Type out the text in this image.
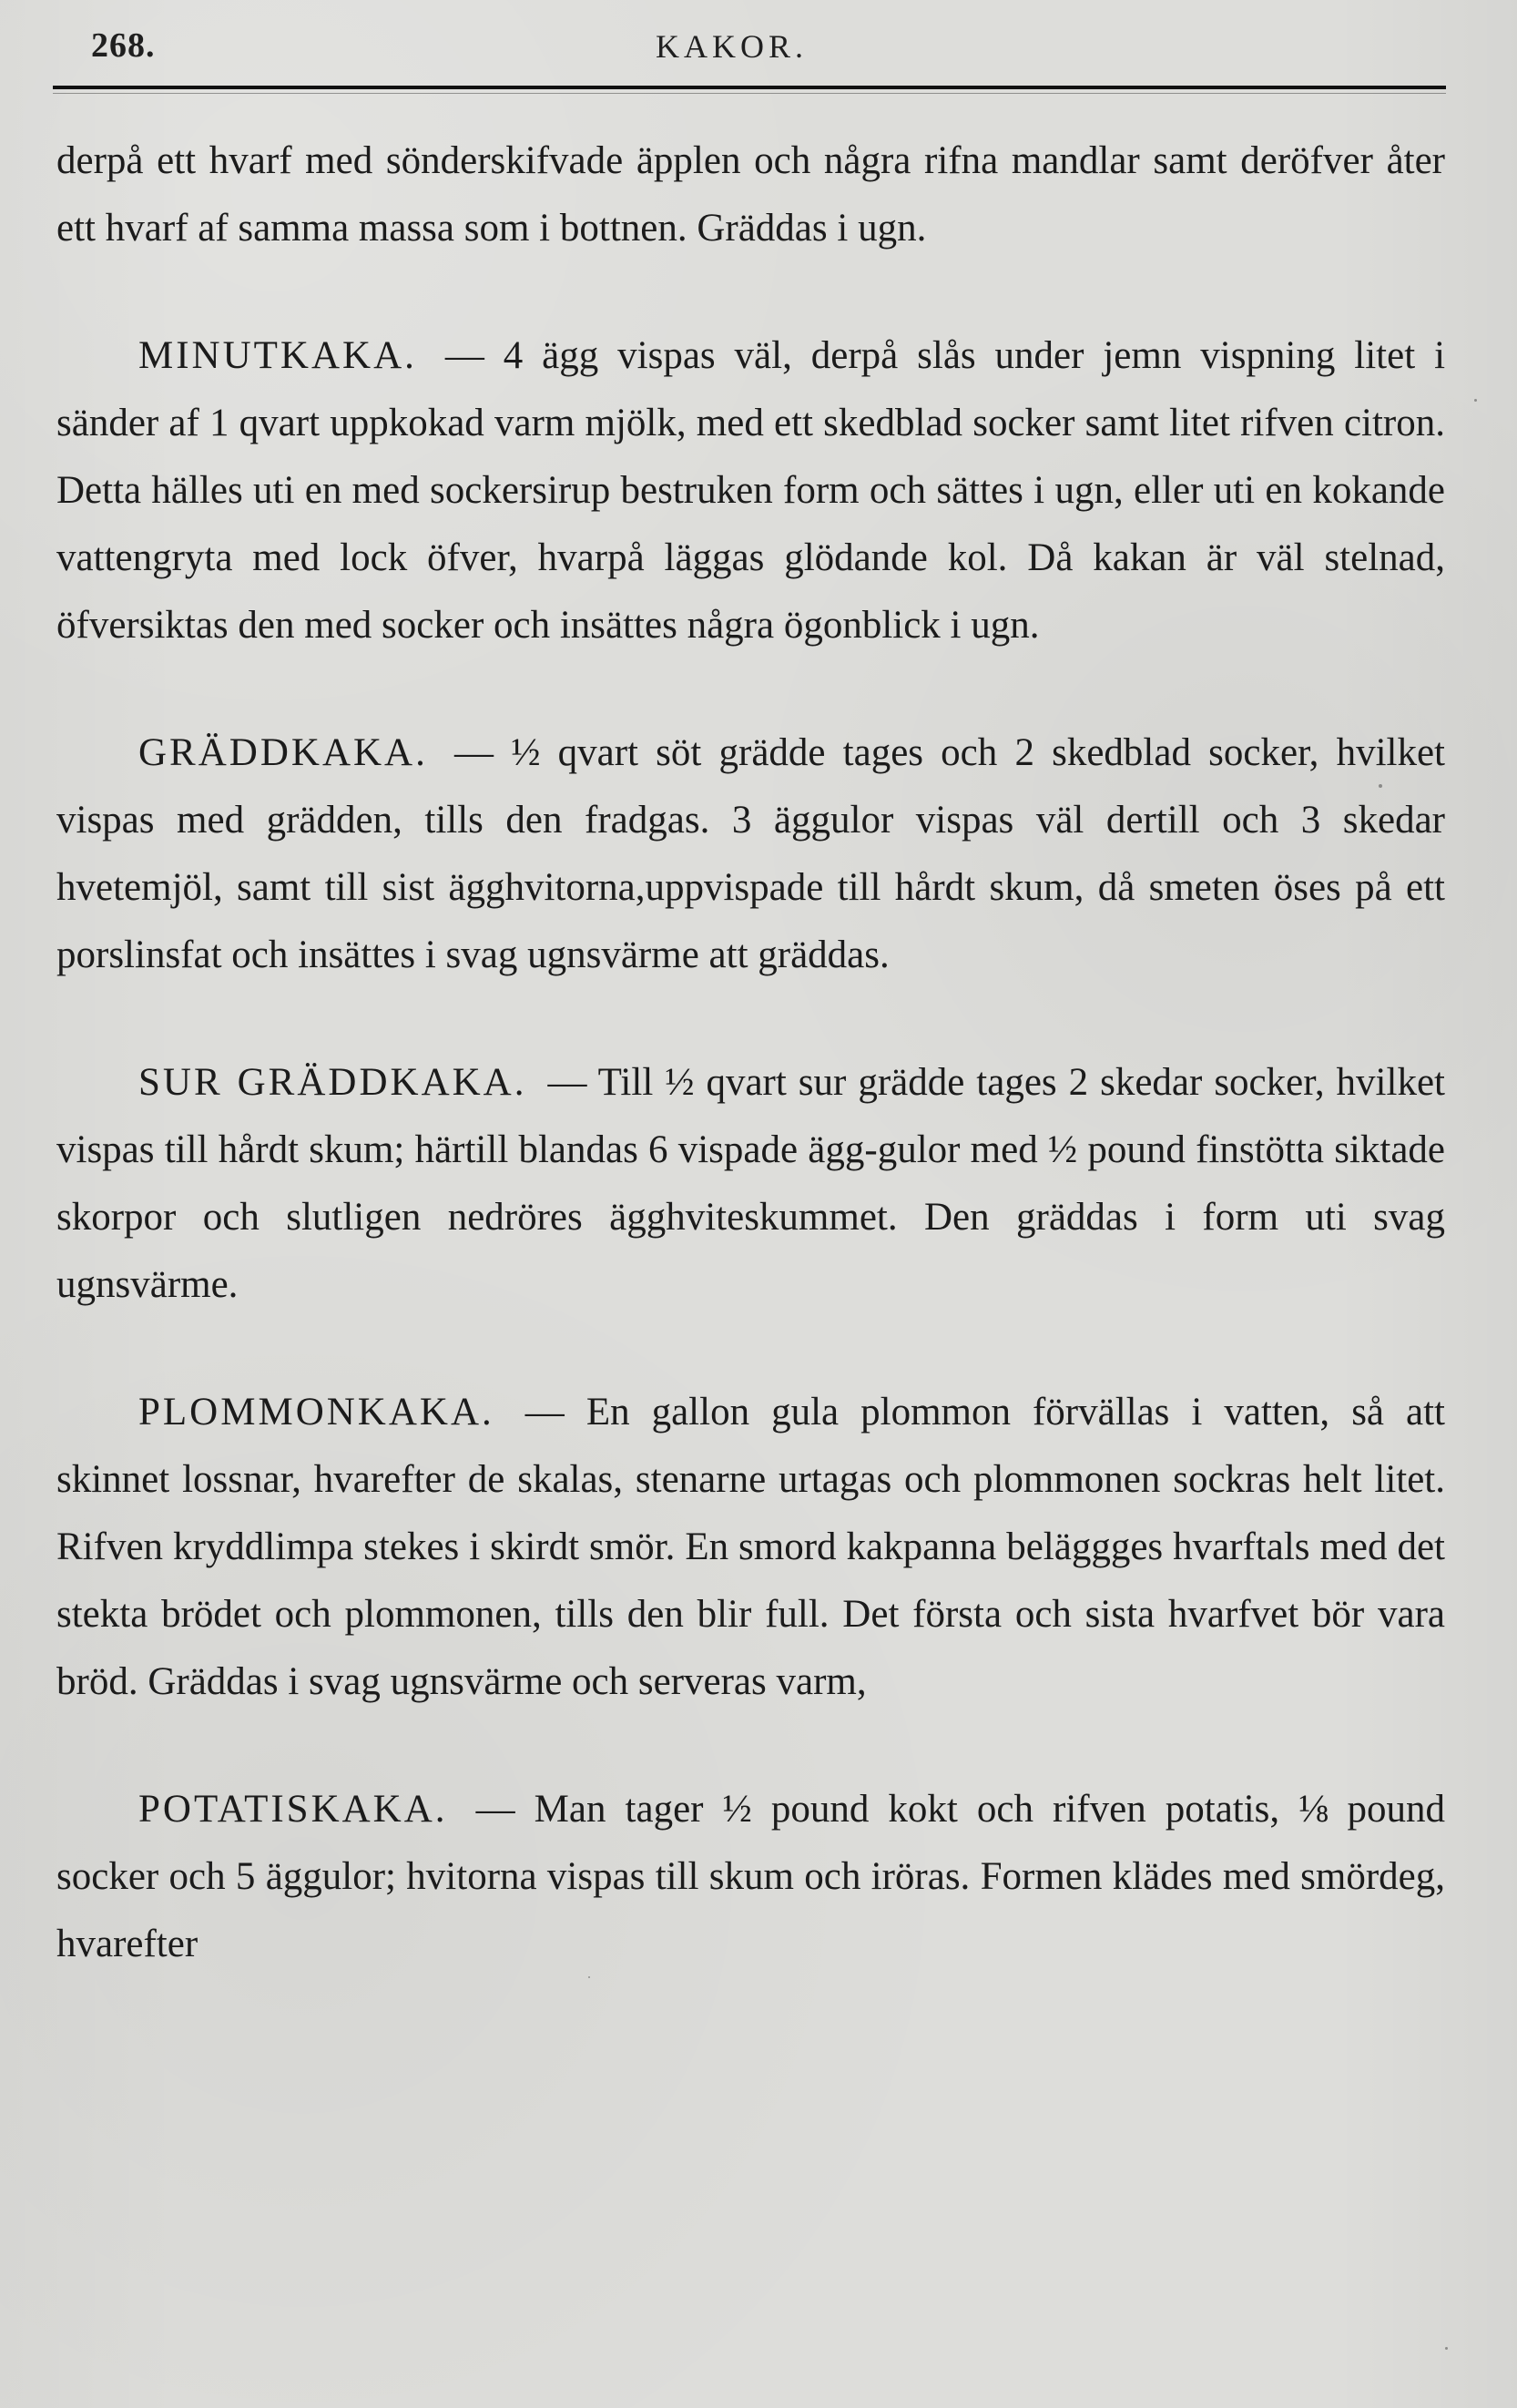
268.	KAKOR.

derpå ett hvarf med sönderskifvade äpplen och några rifna mandlar samt deröfver åter ett hvarf af samma massa som i bottnen. Gräddas i ugn.

MINUTKAKA. — 4 ägg vispas väl, derpå slås under jemn vispning litet i sänder af 1 qvart uppkokad varm mjölk, med ett skedblad socker samt litet rifven citron. Detta hälles uti en med sockersirup bestruken form och sättes i ugn, eller uti en kokande vattengryta med lock öfver, hvarpå läggas glödande kol. Då kakan är väl stelnad, öfversiktas den med socker och insättes några ögonblick i ugn.

GRÄDDKAKA. — ½ qvart söt grädde tages och 2 skedblad socker, hvilket vispas med grädden, tills den fradgas. 3 äggulor vispas väl dertill och 3 skedar hvetemjöl, samt till sist ägghvitorna,uppvispade till hårdt skum, då smeten öses på ett porslinsfat och insättes i svag ugnsvärme att gräddas.

SUR GRÄDDKAKA. — Till ½ qvart sur grädde tages 2 skedar socker, hvilket vispas till hårdt skum; härtill blandas 6 vispade ägg-gulor med ½ pound finstötta siktade skorpor och slutligen nedröres ägghviteskummet. Den gräddas i form uti svag ugnsvärme.

PLOMMONKAKA. — En gallon gula plommon förvällas i vatten, så att skinnet lossnar, hvarefter de skalas, stenarne urtagas och plommonen sockras helt litet. Rifven kryddlimpa stekes i skirdt smör. En smord kakpanna beläggges hvarftals med det stekta brödet och plommonen, tills den blir full. Det första och sista hvarfvet bör vara bröd. Gräddas i svag ugnsvärme och serveras varm,

POTATISKAKA. — Man tager ½ pound kokt och rifven potatis, ⅛ pound socker och 5 äggulor; hvitorna vispas till skum och iröras. Formen klädes med smördeg, hvarefter
